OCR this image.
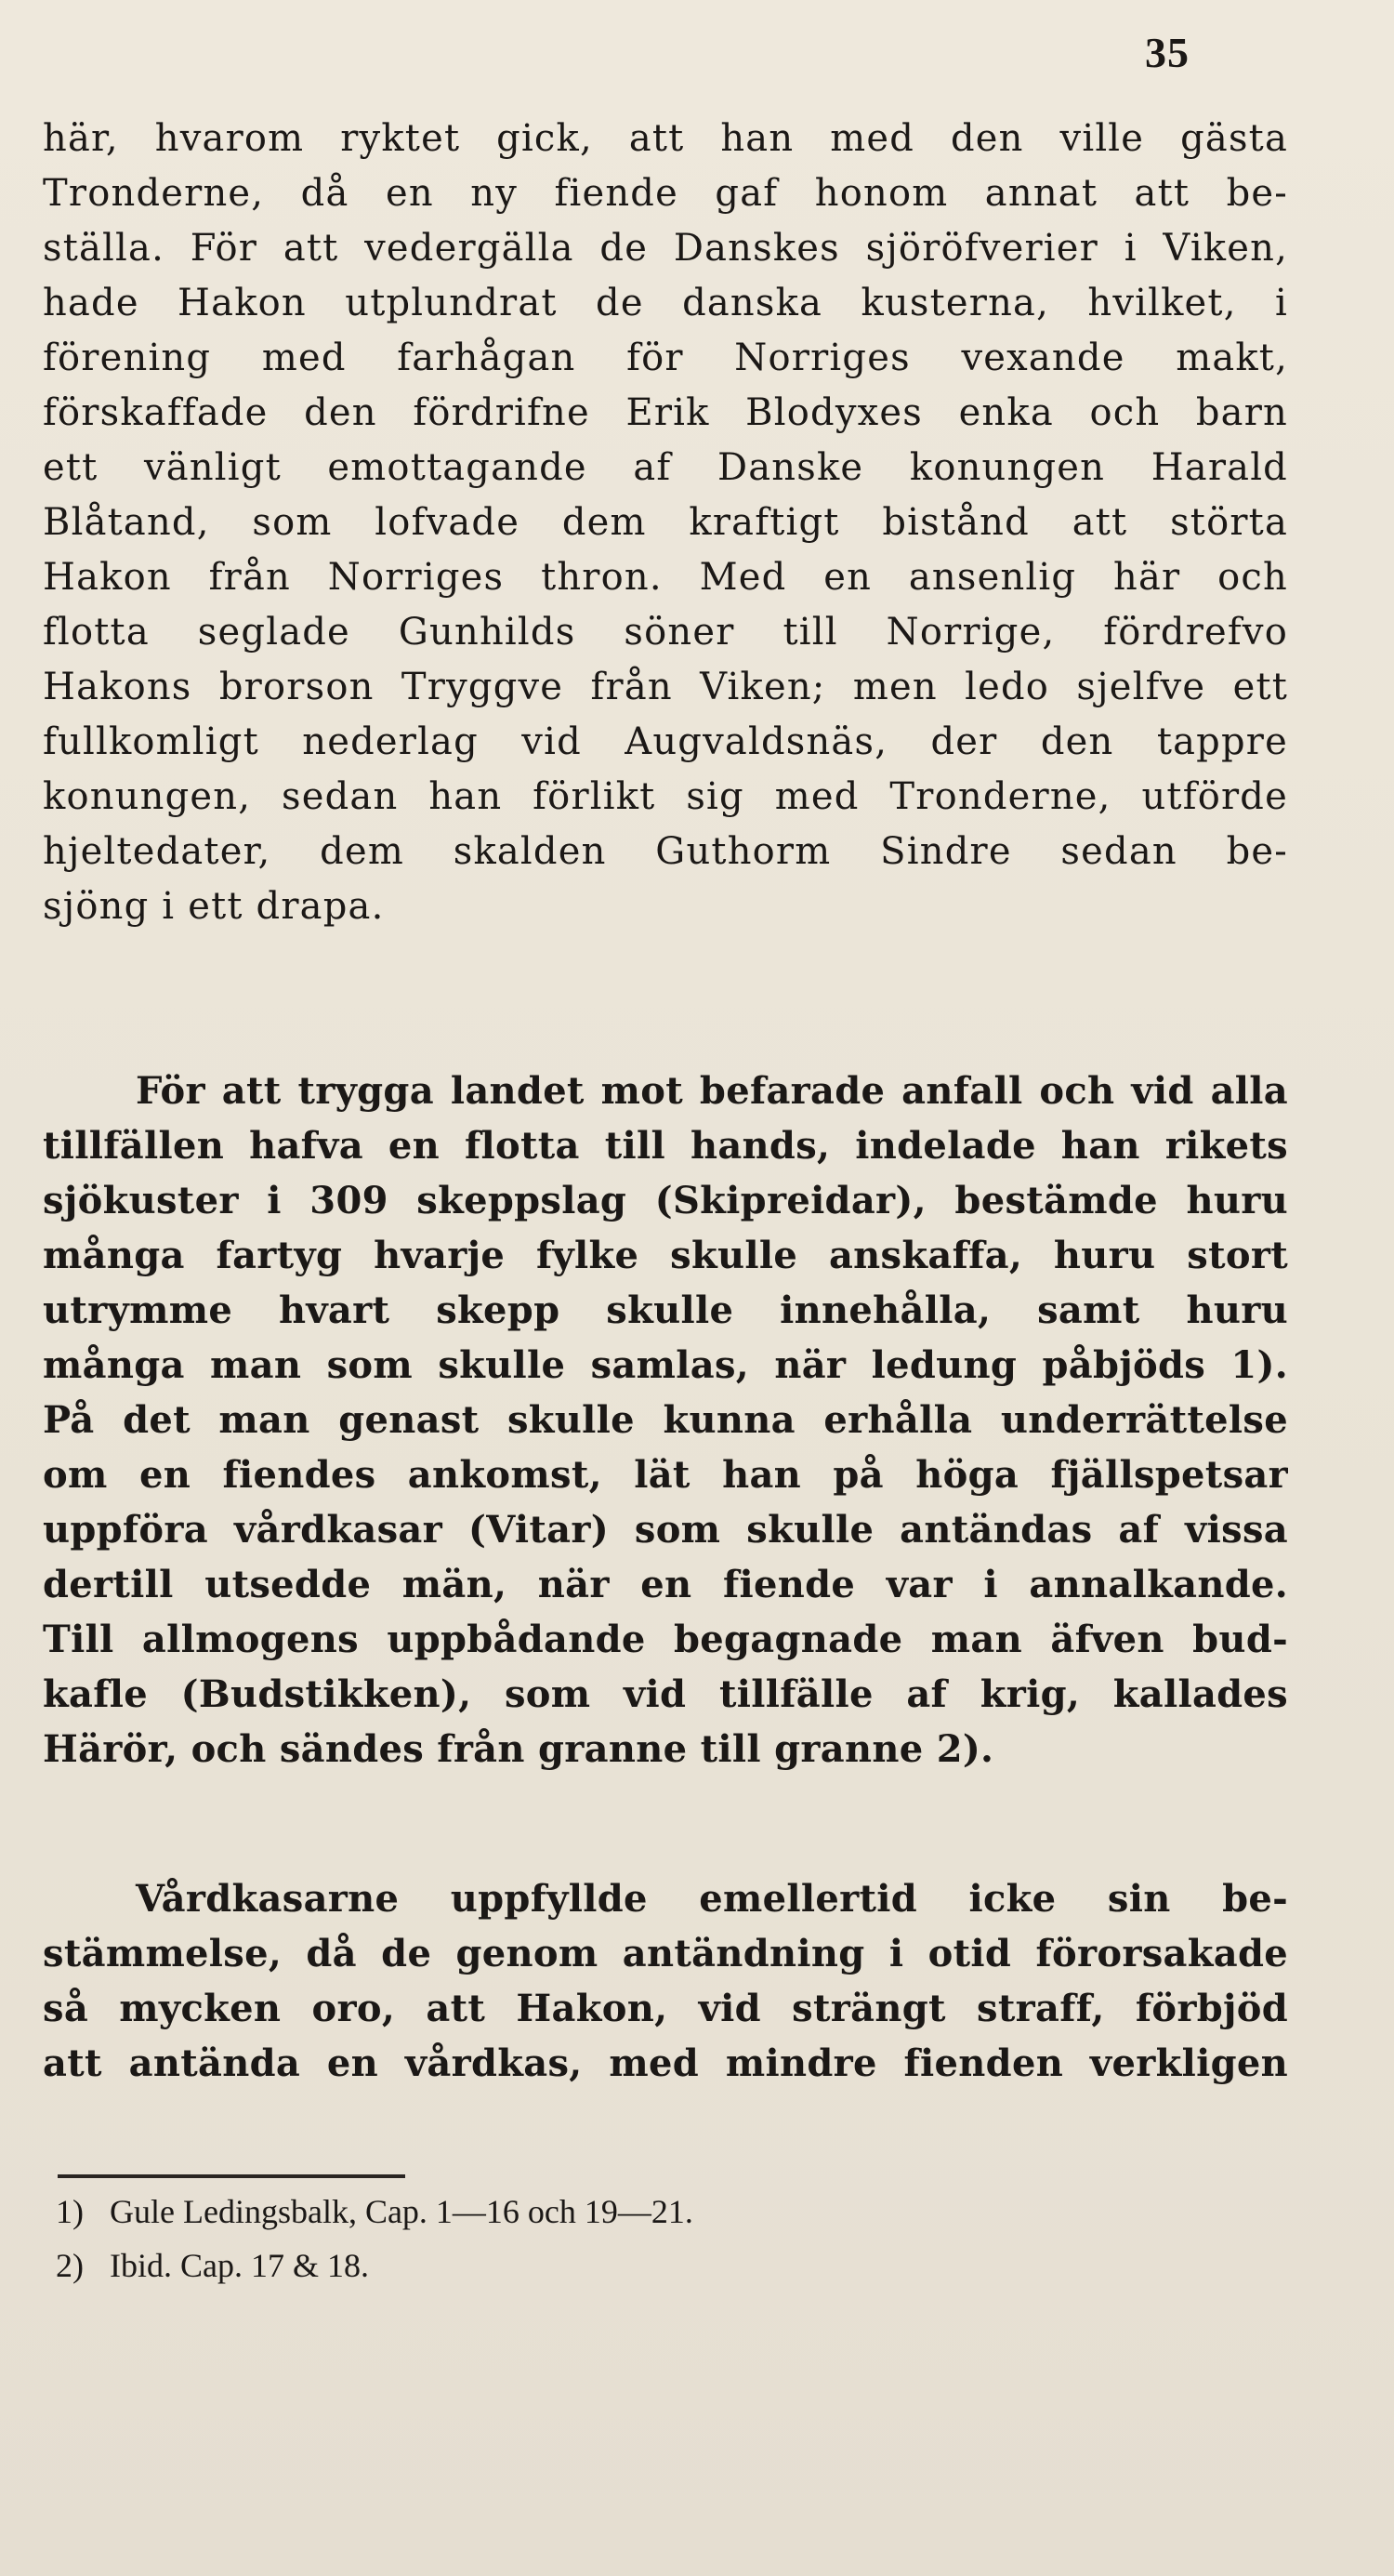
35
här, hvarom ryktet gick, att han med den ville gästa
Tronderne, då en ny fiende gaf honom annat att be-
ställa. För att vedergälla de Danskes sjöröfverier i Viken,
hade Hakon utplundrat de danska kusterna, hvilket, i
förening med farhågan för Norriges vexande makt,
förskaffade den fördrifne Erik Blodyxes enka och barn
ett vänligt emottagande af Danske konungen Harald
Blåtand, som lofvade dem kraftigt bistånd att störta
Hakon från Norriges thron. Med en ansenlig här och
flotta seglade Gunhilds söner till Norrige, fördrefvo
Hakons brorson Tryggve från Viken; men ledo sjelfve ett
fullkomligt nederlag vid Augvaldsnäs, der den tappre
konungen, sedan han förlikt sig med Tronderne, utförde
hjeltedater, dem skalden Guthorm Sindre sedan be-
sjöng i ett drapa.
För att trygga landet mot befarade anfall och vid alla
tillfällen hafva en flotta till hands, indelade han rikets
sjökuster i 309 skeppslag (Skipreidar), bestämde huru
många fartyg hvarje fylke skulle anskaffa, huru stort
utrymme hvart skepp skulle innehålla, samt huru
många man som skulle samlas, när ledung påbjöds 1).
På det man genast skulle kunna erhålla underrättelse
om en fiendes ankomst, lät han på höga fjällspetsar
uppföra vårdkasar (Vitar) som skulle antändas af vissa
dertill utsedde män, när en fiende var i annalkande.
Till allmogens uppbådande begagnade man äfven bud-
kafle (Budstikken), som vid tillfälle af krig, kallades
Härör, och sändes från granne till granne 2).
Vårdkasarne uppfyllde emellertid icke sin be-
stämmelse, då de genom antändning i otid förorsakade
så mycken oro, att Hakon, vid strängt straff, förbjöd
att antända en vårdkas, med mindre fienden verkligen
1) Gule Ledingsbalk, Cap. 1—16 och 19—21.
2) Ibid. Cap. 17 & 18.
